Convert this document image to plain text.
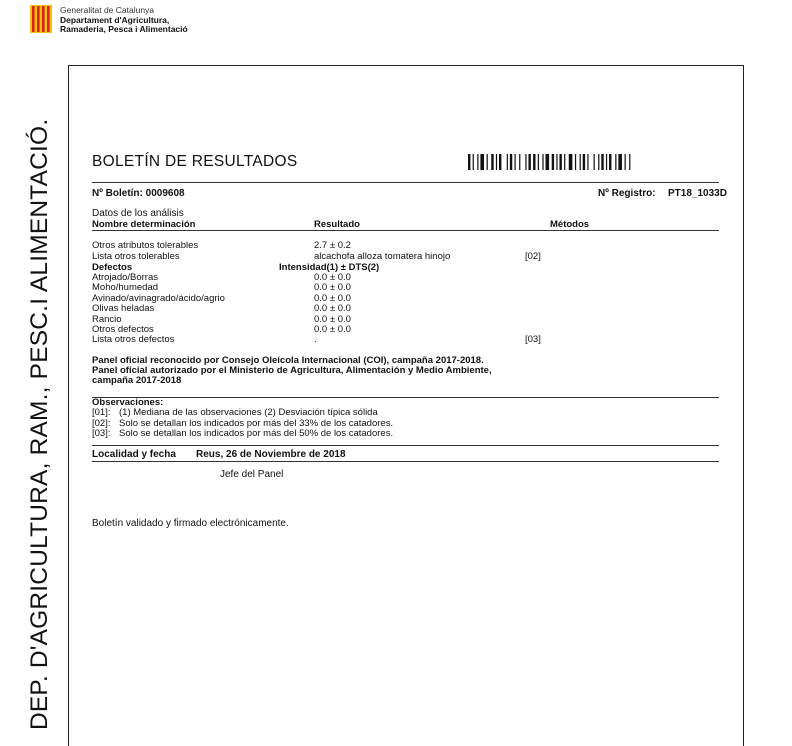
Generalitat de Catalunya
Departament d'Agricultura,
Ramaderia, Pesca i Alimentació
DEP. D'AGRICULTURA, RAM., PESC.I ALIMENTACIÓ.	BOLETÍN DE RESULTADOS
Nº Boletín: 0009608	Nº Registro: PT18_1033D
Datos de los análisis
Nombre determinación	Resultado	Métodos
Otros atributos tolerables	2.7 ± 0.2
Lista otros tolerables	alcachofa alloza tomatera hinojo	[02]
Defectos	Intensidad(1) ± DTS(2)
Atrojado/Borras	0.0 ± 0.0
Moho/humedad	0.0 ± 0.0
Avinado/avinagrado/ácido/agrio	0.0 ± 0.0
Olivas heladas	0.0 ± 0.0
Rancio	0.0 ± 0.0
Otros defectos	0.0 ± 0.0
Lista otros defectos	.	[03]
Panel oficial reconocido por Consejo Oleícola Internacional (COI), campaña 2017-2018.
Panel oficial autorizado por el Ministerio de Agricultura, Alimentación y Medio Ambiente,
campaña 2017-2018
Observaciones:
[01]: (1) Mediana de las observaciones (2) Desviación típica sólida
[02]: Solo se detallan los indicados por más del 33% de los catadores.
[03]: Solo se detallan los indicados por más del 50% de los catadores.
Localidad y fecha Reus, 26 de Noviembre de 2018
Jefe del Panel
Boletín validado y firmado electrónicamente.
